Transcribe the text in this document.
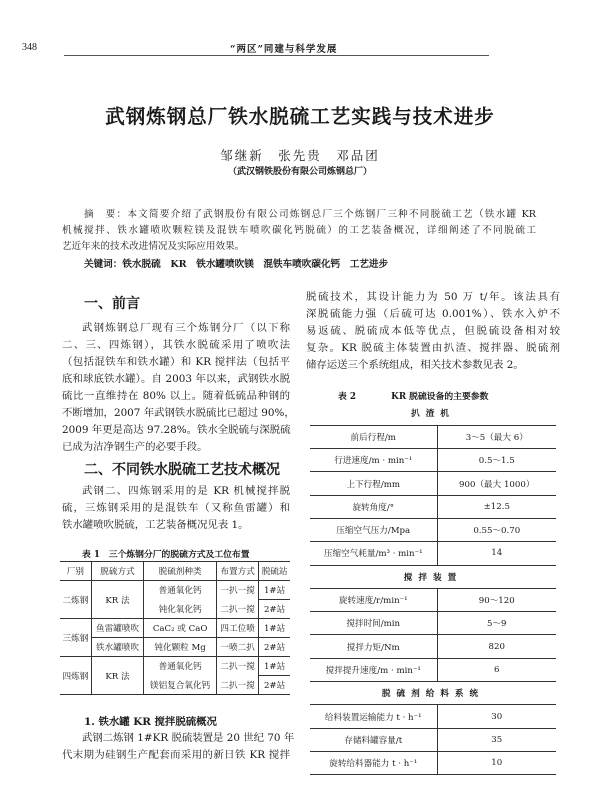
348	“两区”同建与科学发展
武钢炼钢总厂铁水脱硫工艺实践与技术进步
邹继新　张先贵　邓品团
（武汉钢铁股份有限公司炼钢总厂）
摘　要：本文简要介绍了武钢股份有限公司炼钢总厂三个炼钢厂三种不同脱硫工艺（铁水罐 KR
机械搅拌、铁水罐喷吹颗粒镁及混铁车喷吹碳化钙脱硫）的工艺装备概况，详细阐述了不同脱硫工
艺近年来的技术改进情况及实际应用效果。
关键词：铁水脱硫　KR　铁水罐喷吹镁　混铁车喷吹碳化钙　工艺进步
一、前言
武钢炼钢总厂现有三个炼钢分厂（以下称
二、三、四炼钢），其铁水脱硫采用了喷吹法
（包括混铁车和铁水罐）和 KR 搅拌法（包括平
底和球底铁水罐）。自 2003 年以来，武钢铁水脱
硫比一直维持在 80% 以上。随着低硫品种钢的
不断增加，2007 年武钢铁水脱硫比已超过 90%，
2009 年更是高达 97.28%。铁水全脱硫与深脱硫
已成为洁净钢生产的必要手段。
二、不同铁水脱硫工艺技术概况
武钢二、四炼钢采用的是 KR 机械搅拌脱
硫，三炼钢采用的是混铁车（又称鱼雷罐）和
铁水罐喷吹脱硫，工艺装备概况见表 1。
1. 铁水罐 KR 搅拌脱硫概况
武钢二炼钢 1#KR 脱硫装置是 20 世纪 70 年
代末期为硅钢生产配套而采用的新日铁 KR 搅拌
脱硫技术，其设计能力为 50 万 t/年。该法具有
深脱硫能力强（后硫可达 0.001%）、铁水入炉不
易返硫、脱硫成本低等优点，但脱硫设备相对较
复杂。KR 脱硫主体装置由扒渣、搅拌器、脱硫剂
储存运送三个系统组成，相关技术参数见表 2。
表 1　三个炼钢分厂的脱硫方式及工位布置
厂别	脱硫方式	脱硫剂种类	布置方式	脱硫站
二炼钢	KR 法	普通氧化钙	一扒一搅	1#站
		钝化氧化钙	二扒一搅	2#站
三炼钢	鱼雷罐喷吹	CaC₂ 或 CaO	四工位喷	1#站
	铁水罐喷吹	钝化颗粒 Mg	一喷二扒	2#站
四炼钢	KR 法	普通氧化钙	二扒一搅	1#站
		镁铝复合氧化钙	二扒一搅	2#站
表 2　　　　KR 脱硫设备的主要参数
扒渣机	
前后行程/m	3～5（最大 6）
行进速度/m · min⁻¹	0.5～1.5
上下行程/mm	900（最大 1000）
旋转角度/°	±12.5
压缩空气压力/Mpa	0.55～0.70
压缩空气耗量/m³ · min⁻¹	14
搅拌装置	
旋转速度/r/min⁻¹	90～120
搅拌时间/min	5～9
搅拌力矩/Nm	820
搅拌提升速度/m · min⁻¹	6
脱硫剂给料系统	
给料装置运输能力 t · h⁻¹	30
存储料罐容量/t	35
旋转给料器能力 t · h⁻¹	10
